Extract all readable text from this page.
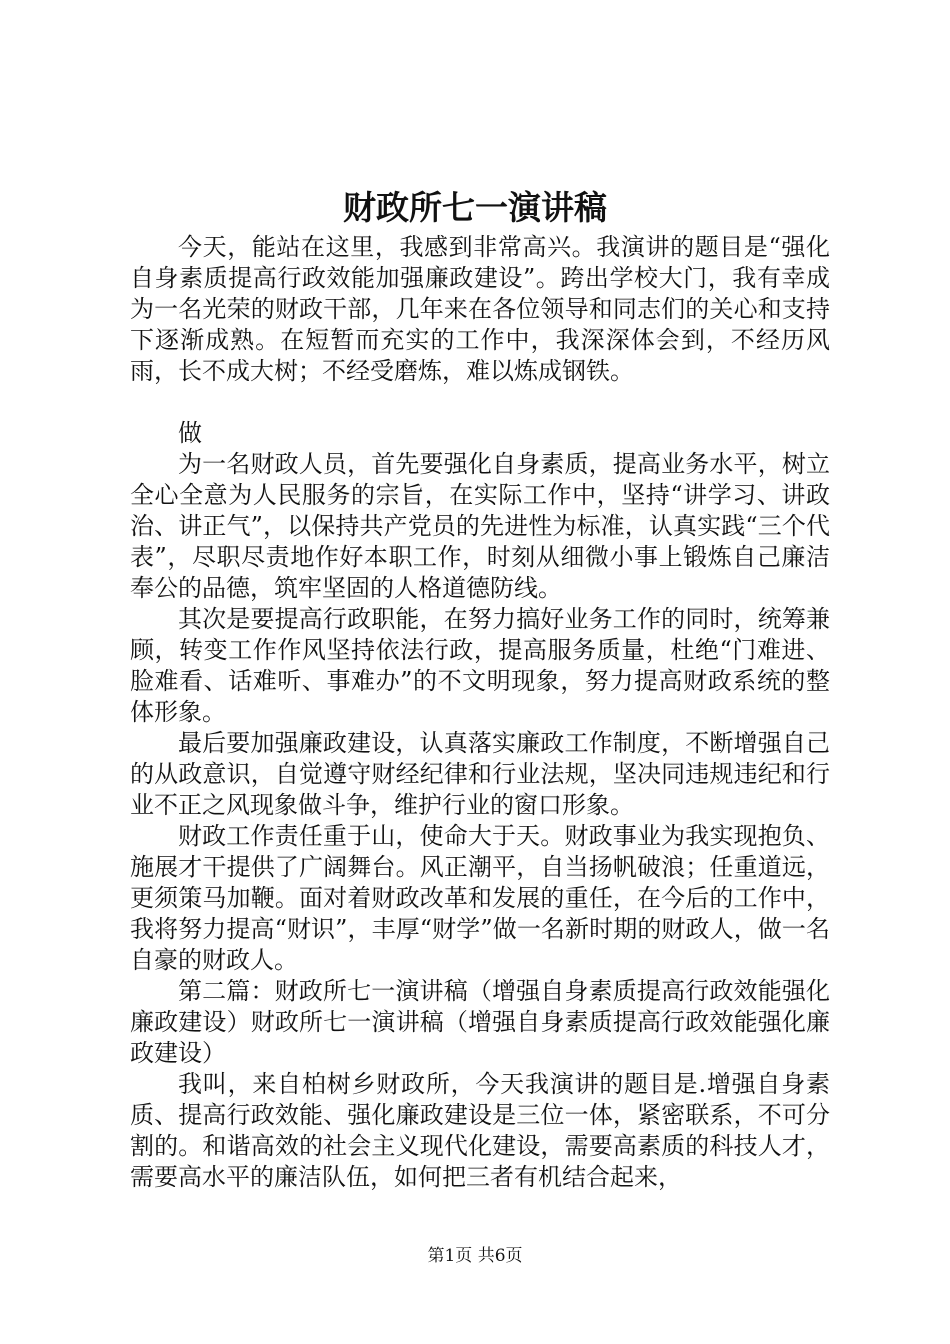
财政所七一演讲稿

今天，能站在这里，我感到非常高兴。我演讲的题目是“强化自身素质提高行政效能加强廉政建设”。跨出学校大门，我有幸成为一名光荣的财政干部，几年来在各位领导和同志们的关心和支持下逐渐成熟。在短暂而充实的工作中，我深深体会到，不经历风雨，长不成大树；不经受磨炼，难以炼成钢铁。

做

为一名财政人员，首先要强化自身素质，提高业务水平，树立全心全意为人民服务的宗旨，在实际工作中，坚持“讲学习、讲政治、讲正气”，以保持共产党员的先进性为标准，认真实践“三个代表”，尽职尽责地作好本职工作，时刻从细微小事上锻炼自己廉洁奉公的品德，筑牢坚固的人格道德防线。

其次是要提高行政职能，在努力搞好业务工作的同时，统筹兼顾，转变工作作风坚持依法行政，提高服务质量，杜绝“门难进、脸难看、话难听、事难办”的不文明现象，努力提高财政系统的整体形象。

最后要加强廉政建设，认真落实廉政工作制度，不断增强自己的从政意识，自觉遵守财经纪律和行业法规，坚决同违规违纪和行业不正之风现象做斗争，维护行业的窗口形象。

财政工作责任重于山，使命大于天。财政事业为我实现抱负、施展才干提供了广阔舞台。风正潮平，自当扬帆破浪；任重道远，更须策马加鞭。面对着财政改革和发展的重任，在今后的工作中，我将努力提高“财识”，丰厚“财学”做一名新时期的财政人，做一名自豪的财政人。

第二篇：财政所七一演讲稿（增强自身素质提高行政效能强化廉政建设）财政所七一演讲稿（增强自身素质提高行政效能强化廉政建设）

我叫，来自柏树乡财政所，今天我演讲的题目是.增强自身素质、提高行政效能、强化廉政建设是三位一体，紧密联系，不可分割的。和谐高效的社会主义现代化建设，需要高素质的科技人才，需要高水平的廉洁队伍，如何把三者有机结合起来，

第1页 共6页
